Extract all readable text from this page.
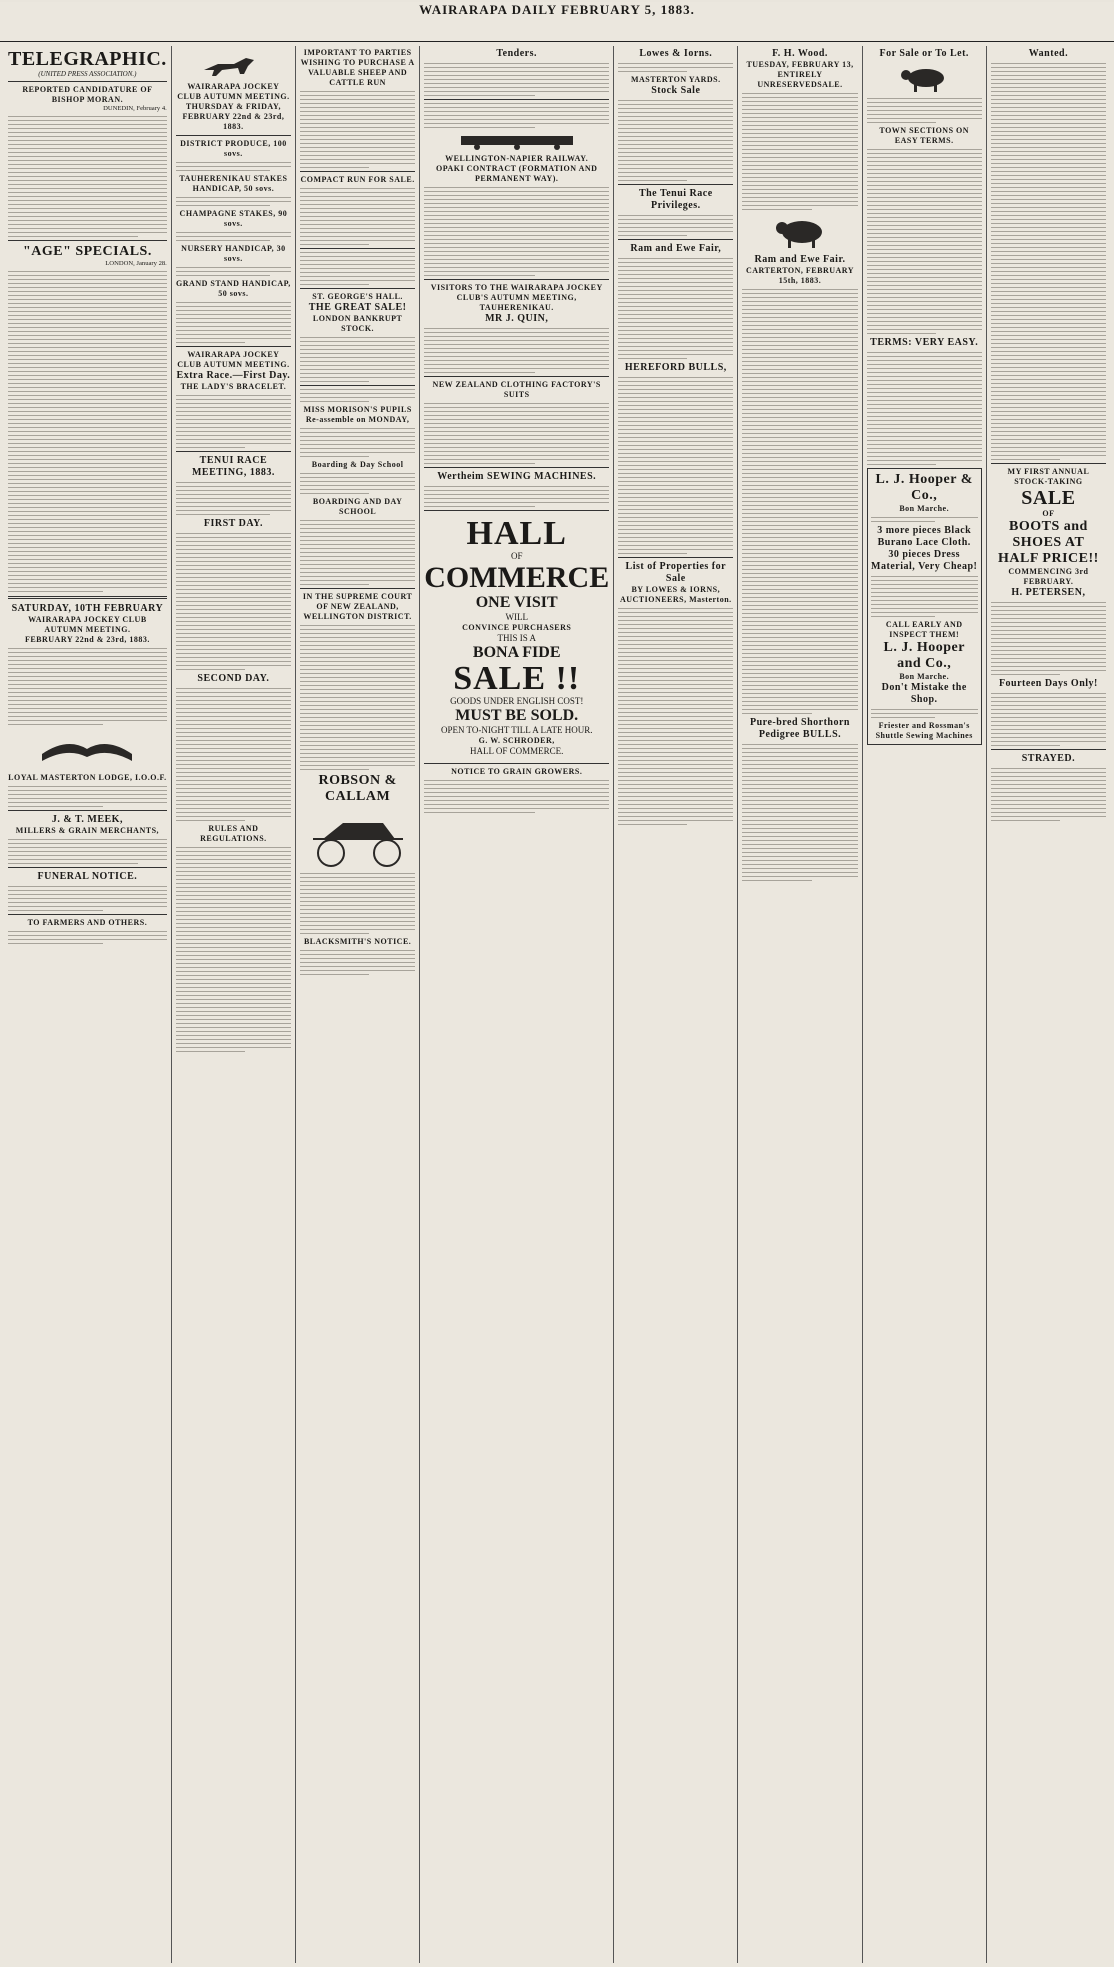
WAIRARAPA DAILY FEBRUARY 5, 1883.
TELEGRAPHIC.
(UNITED PRESS ASSOCIATION.)
REPORTED CANDIDATURE OF BISHOP MORAN.
DUNEDIN, February 4.
"AGE" SPECIALS.
LONDON, January 28.
SATURDAY, 10TH FEBRUARY
WAIRARAPA JOCKEY CLUB AUTUMN MEETING.
FEBRUARY 22nd & 23rd, 1883.
LOYAL MASTERTON LODGE, I.O.O.F.
J. & T. MEEK,
MILLERS & GRAIN MERCHANTS,
FUNERAL NOTICE.
TO FARMERS AND OTHERS.
WAIRARAPA JOCKEY CLUB AUTUMN MEETING.
THURSDAY & FRIDAY, FEBRUARY 22nd & 23rd, 1883.
DISTRICT PRODUCE, 100 sovs.
TAUHERENIKAU STAKES HANDICAP, 50 sovs.
CHAMPAGNE STAKES, 90 sovs.
NURSERY HANDICAP, 30 sovs.
GRAND STAND HANDICAP, 50 sovs.
WAIRARAPA JOCKEY CLUB AUTUMN MEETING.
Extra Race.—First Day.
THE LADY'S BRACELET.
TENUI RACE MEETING, 1883.
FIRST DAY.
SECOND DAY.
RULES AND REGULATIONS.
IMPORTANT TO PARTIES WISHING TO PURCHASE A VALUABLE SHEEP AND CATTLE RUN
COMPACT RUN FOR SALE.
ST. GEORGE'S HALL.
THE GREAT SALE!
LONDON BANKRUPT STOCK.
MISS MORISON'S PUPILS Re-assemble on MONDAY,
Boarding & Day School
BOARDING AND DAY SCHOOL
IN THE SUPREME COURT OF NEW ZEALAND, WELLINGTON DISTRICT.
ROBSON & CALLAM
BLACKSMITH'S NOTICE.
Tenders.
WELLINGTON-NAPIER RAILWAY.
OPAKI CONTRACT (FORMATION AND PERMANENT WAY).
VISITORS TO THE WAIRARAPA JOCKEY CLUB'S AUTUMN MEETING, TAUHERENIKAU.
MR J. QUIN,
NEW ZEALAND CLOTHING FACTORY'S SUITS
Wertheim SEWING MACHINES.
HALL
OF
COMMERCE
ONE VISIT
WILL
CONVINCE PURCHASERS
THIS IS A
BONA FIDE
SALE !!
GOODS UNDER ENGLISH COST!
MUST BE SOLD.
OPEN TO-NIGHT TILL A LATE HOUR.
G. W. SCHRODER,
HALL OF COMMERCE.
NOTICE TO GRAIN GROWERS.
Lowes & Iorns.
MASTERTON YARDS.
Stock Sale
The Tenui Race Privileges.
Ram and Ewe Fair,
HEREFORD BULLS,
List of Properties for Sale
BY LOWES & IORNS,
AUCTIONEERS, Masterton.
F. H. Wood.
TUESDAY, FEBRUARY 13,
ENTIRELY UNRESERVEDSALE.
Ram and Ewe Fair.
CARTERTON, FEBRUARY 15th, 1883.
Pure-bred Shorthorn Pedigree BULLS.
For Sale or To Let.
TOWN SECTIONS ON EASY TERMS.
TERMS: VERY EASY.
L. J. Hooper & Co.,
Bon Marche.
3 more pieces Black Burano Lace Cloth.
30 pieces Dress Material, Very Cheap!
CALL EARLY AND INSPECT THEM!
L. J. Hooper and Co.,
Bon Marche.
Don't Mistake the Shop.
Friester and Rossman's Shuttle Sewing Machines
Wanted.
MY FIRST ANNUAL STOCK-TAKING
SALE
OF
BOOTS and SHOES AT HALF PRICE!!
COMMENCING 3rd FEBRUARY.
H. PETERSEN,
Fourteen Days Only!
STRAYED.
